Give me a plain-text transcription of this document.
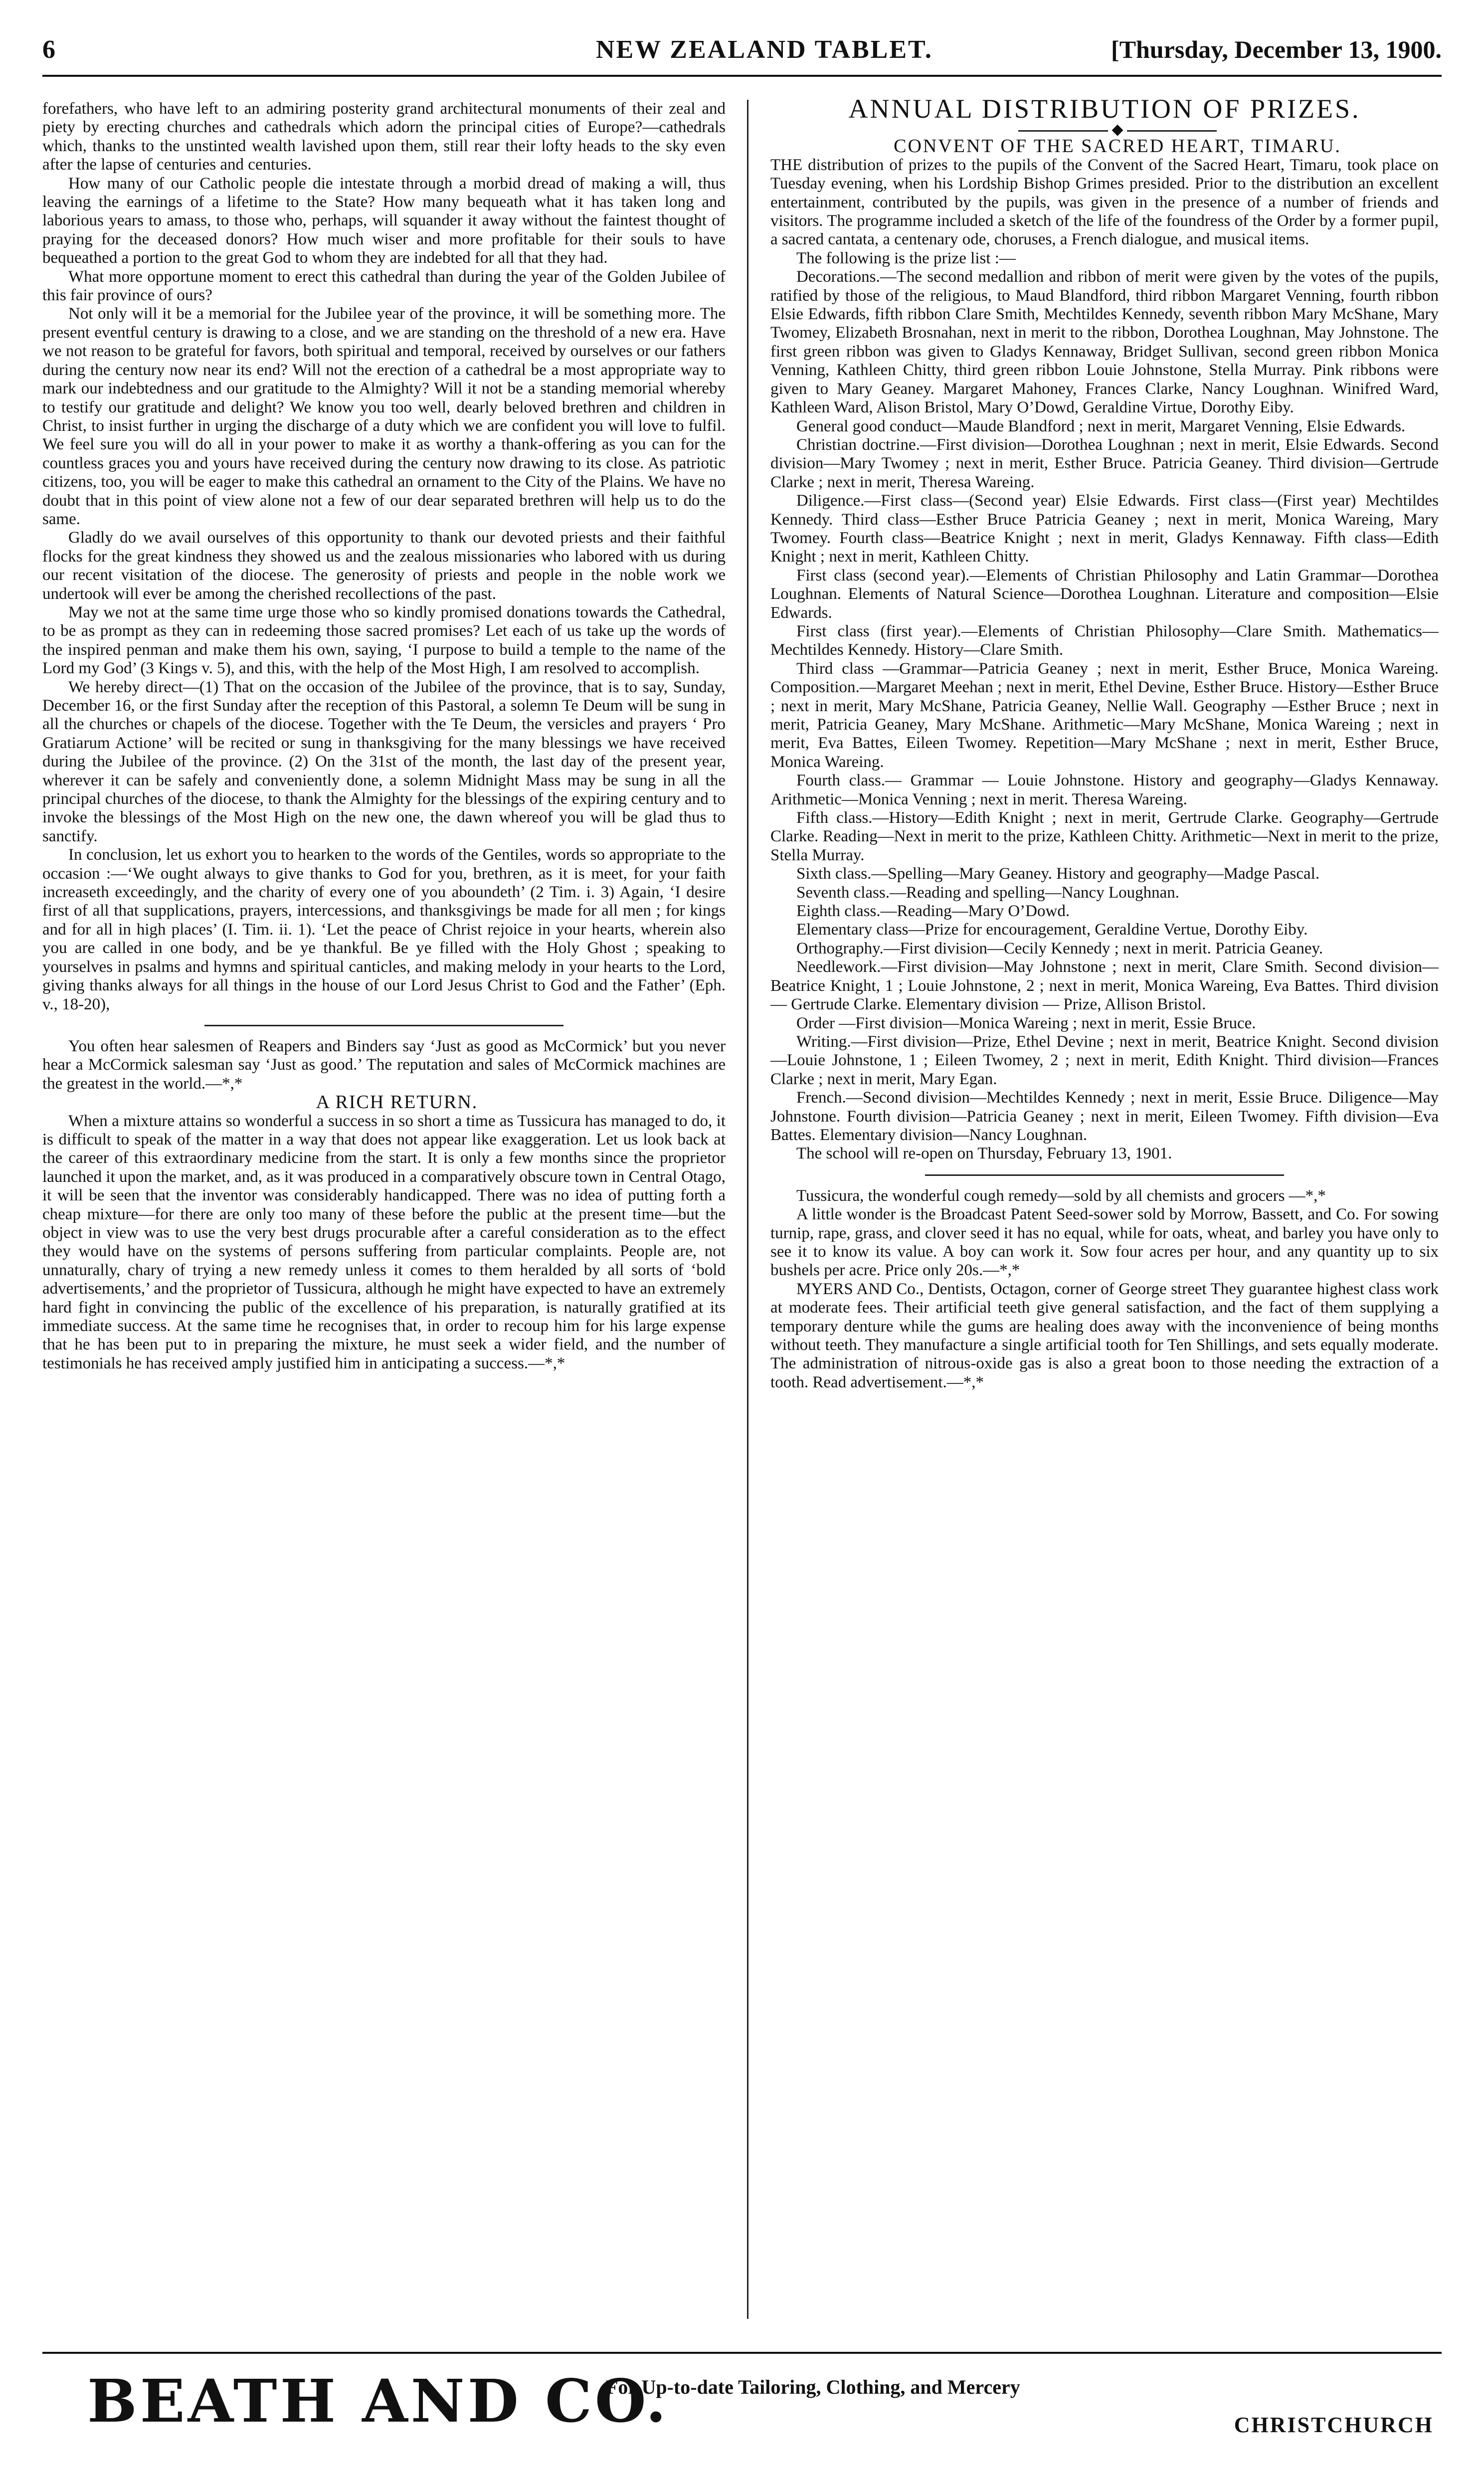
6	NEW ZEALAND TABLET.	[Thursday, December 13, 1900.

forefathers, who have left to an admiring posterity grand architectural monuments of their zeal and piety by erecting churches and cathedrals which adorn the principal cities of Europe?—cathedrals which, thanks to the unstinted wealth lavished upon them, still rear their lofty heads to the sky even after the lapse of centuries and centuries.

How many of our Catholic people die intestate through a morbid dread of making a will, thus leaving the earnings of a lifetime to the State? How many bequeath what it has taken long and laborious years to amass, to those who, perhaps, will squander it away without the faintest thought of praying for the deceased donors? How much wiser and more profitable for their souls to have bequeathed a portion to the great God to whom they are indebted for all that they had.

What more opportune moment to erect this cathedral than during the year of the Golden Jubilee of this fair province of ours?

Not only will it be a memorial for the Jubilee year of the province, it will be something more. The present eventful century is drawing to a close, and we are standing on the threshold of a new era. Have we not reason to be grateful for favors, both spiritual and temporal, received by ourselves or our fathers during the century now near its end? Will not the erection of a cathedral be a most appropriate way to mark our indebtedness and our gratitude to the Almighty? Will it not be a standing memorial whereby to testify our gratitude and delight? We know you too well, dearly beloved brethren and children in Christ, to insist further in urging the discharge of a duty which we are confident you will love to fulfil. We feel sure you will do all in your power to make it as worthy a thank-offering as you can for the countless graces you and yours have received during the century now drawing to its close. As patriotic citizens, too, you will be eager to make this cathedral an ornament to the City of the Plains. We have no doubt that in this point of view alone not a few of our dear separated brethren will help us to do the same.

Gladly do we avail ourselves of this opportunity to thank our devoted priests and their faithful flocks for the great kindness they showed us and the zealous missionaries who labored with us during our recent visitation of the diocese. The generosity of priests and people in the noble work we undertook will ever be among the cherished recollections of the past.

May we not at the same time urge those who so kindly promised donations towards the Cathedral, to be as prompt as they can in redeeming those sacred promises? Let each of us take up the words of the inspired penman and make them his own, saying, ‘I purpose to build a temple to the name of the Lord my God’ (3 Kings v. 5), and this, with the help of the Most High, I am resolved to accomplish.

We hereby direct—(1) That on the occasion of the Jubilee of the province, that is to say, Sunday, December 16, or the first Sunday after the reception of this Pastoral, a solemn Te Deum will be sung in all the churches or chapels of the diocese. Together with the Te Deum, the versicles and prayers ‘ Pro Gratiarum Actione’ will be recited or sung in thanksgiving for the many blessings we have received during the Jubilee of the province. (2) On the 31st of the month, the last day of the present year, wherever it can be safely and conveniently done, a solemn Midnight Mass may be sung in all the principal churches of the diocese, to thank the Almighty for the blessings of the expiring century and to invoke the blessings of the Most High on the new one, the dawn whereof you will be glad thus to sanctify.

In conclusion, let us exhort you to hearken to the words of the Gentiles, words so appropriate to the occasion :—‘We ought always to give thanks to God for you, brethren, as it is meet, for your faith increaseth exceedingly, and the charity of every one of you aboundeth’ (2 Tim. i. 3) Again, ‘I desire first of all that supplications, prayers, intercessions, and thanksgivings be made for all men ; for kings and for all in high places’ (I. Tim. ii. 1). ‘Let the peace of Christ rejoice in your hearts, wherein also you are called in one body, and be ye thankful. Be ye filled with the Holy Ghost ; speaking to yourselves in psalms and hymns and spiritual canticles, and making melody in your hearts to the Lord, giving thanks always for all things in the house of our Lord Jesus Christ to God and the Father’ (Eph. v., 18-20),

You often hear salesmen of Reapers and Binders say ‘Just as good as McCormick’ but you never hear a McCormick salesman say ‘Just as good.’ The reputation and sales of McCormick machines are the greatest in the world.—*,*

A RICH RETURN.

When a mixture attains so wonderful a success in so short a time as Tussicura has managed to do, it is difficult to speak of the matter in a way that does not appear like exaggeration. Let us look back at the career of this extraordinary medicine from the start. It is only a few months since the proprietor launched it upon the market, and, as it was produced in a comparatively obscure town in Central Otago, it will be seen that the inventor was considerably handicapped. There was no idea of putting forth a cheap mixture—for there are only too many of these before the public at the present time—but the object in view was to use the very best drugs procurable after a careful consideration as to the effect they would have on the systems of persons suffering from particular complaints. People are, not unnaturally, chary of trying a new remedy unless it comes to them heralded by all sorts of ‘bold advertisements,’ and the proprietor of Tussicura, although he might have expected to have an extremely hard fight in convincing the public of the excellence of his preparation, is naturally gratified at its immediate success. At the same time he recognises that, in order to recoup him for his large expense that he has been put to in preparing the mixture, he must seek a wider field, and the number of testimonials he has received amply justified him in anticipating a success.—*,*

ANNUAL DISTRIBUTION OF PRIZES.

◆

CONVENT OF THE SACRED HEART, TIMARU.

THE distribution of prizes to the pupils of the Convent of the Sacred Heart, Timaru, took place on Tuesday evening, when his Lordship Bishop Grimes presided. Prior to the distribution an excellent entertainment, contributed by the pupils, was given in the presence of a number of friends and visitors. The programme included a sketch of the life of the foundress of the Order by a former pupil, a sacred cantata, a centenary ode, choruses, a French dialogue, and musical items.

The following is the prize list :—

Decorations.—The second medallion and ribbon of merit were given by the votes of the pupils, ratified by those of the religious, to Maud Blandford, third ribbon Margaret Venning, fourth ribbon Elsie Edwards, fifth ribbon Clare Smith, Mechtildes Kennedy, seventh ribbon Mary McShane, Mary Twomey, Elizabeth Brosnahan, next in merit to the ribbon, Dorothea Loughnan, May Johnstone. The first green ribbon was given to Gladys Kennaway, Bridget Sullivan, second green ribbon Monica Venning, Kathleen Chitty, third green ribbon Louie Johnstone, Stella Murray. Pink ribbons were given to Mary Geaney. Margaret Mahoney, Frances Clarke, Nancy Loughnan. Winifred Ward, Kathleen Ward, Alison Bristol, Mary O’Dowd, Geraldine Virtue, Dorothy Eiby.

General good conduct—Maude Blandford ; next in merit, Margaret Venning, Elsie Edwards.

Christian doctrine.—First division—Dorothea Loughnan ; next in merit, Elsie Edwards. Second division—Mary Twomey ; next in merit, Esther Bruce. Patricia Geaney. Third division—Gertrude Clarke ; next in merit, Theresa Wareing.

Diligence.—First class—(Second year) Elsie Edwards. First class—(First year) Mechtildes Kennedy. Third class—Esther Bruce Patricia Geaney ; next in merit, Monica Wareing, Mary Twomey. Fourth class—Beatrice Knight ; next in merit, Gladys Kennaway. Fifth class—Edith Knight ; next in merit, Kathleen Chitty.

First class (second year).—Elements of Christian Philosophy and Latin Grammar—Dorothea Loughnan. Elements of Natural Science—Dorothea Loughnan. Literature and composition—Elsie Edwards.

First class (first year).—Elements of Christian Philosophy—Clare Smith. Mathematics—Mechtildes Kennedy. History—Clare Smith.

Third class —Grammar—Patricia Geaney ; next in merit, Esther Bruce, Monica Wareing. Composition.—Margaret Meehan ; next in merit, Ethel Devine, Esther Bruce. History—Esther Bruce ; next in merit, Mary McShane, Patricia Geaney, Nellie Wall. Geography —Esther Bruce ; next in merit, Patricia Geaney, Mary McShane. Arithmetic—Mary McShane, Monica Wareing ; next in merit, Eva Battes, Eileen Twomey. Repetition—Mary McShane ; next in merit, Esther Bruce, Monica Wareing.

Fourth class.— Grammar — Louie Johnstone. History and geography—Gladys Kennaway. Arithmetic—Monica Venning ; next in merit. Theresa Wareing.

Fifth class.—History—Edith Knight ; next in merit, Gertrude Clarke. Geography—Gertrude Clarke. Reading—Next in merit to the prize, Kathleen Chitty. Arithmetic—Next in merit to the prize, Stella Murray.

Sixth class.—Spelling—Mary Geaney. History and geography—Madge Pascal.

Seventh class.—Reading and spelling—Nancy Loughnan.

Eighth class.—Reading—Mary O’Dowd.

Elementary class—Prize for encouragement, Geraldine Vertue, Dorothy Eiby.

Orthography.—First division—Cecily Kennedy ; next in merit. Patricia Geaney.

Needlework.—First division—May Johnstone ; next in merit, Clare Smith. Second division—Beatrice Knight, 1 ; Louie Johnstone, 2 ; next in merit, Monica Wareing, Eva Battes. Third division — Gertrude Clarke. Elementary division — Prize, Allison Bristol.

Order —First division—Monica Wareing ; next in merit, Essie Bruce.

Writing.—First division—Prize, Ethel Devine ; next in merit, Beatrice Knight. Second division—Louie Johnstone, 1 ; Eileen Twomey, 2 ; next in merit, Edith Knight. Third division—Frances Clarke ; next in merit, Mary Egan.

French.—Second division—Mechtildes Kennedy ; next in merit, Essie Bruce. Diligence—May Johnstone. Fourth division—Patricia Geaney ; next in merit, Eileen Twomey. Fifth division—Eva Battes. Elementary division—Nancy Loughnan.

The school will re-open on Thursday, February 13, 1901.

Tussicura, the wonderful cough remedy—sold by all chemists and grocers —*,*

A little wonder is the Broadcast Patent Seed-sower sold by Morrow, Bassett, and Co. For sowing turnip, rape, grass, and clover seed it has no equal, while for oats, wheat, and barley you have only to see it to know its value. A boy can work it. Sow four acres per hour, and any quantity up to six bushels per acre. Price only 20s.—*,*

MYERS AND Co., Dentists, Octagon, corner of George street They guarantee highest class work at moderate fees. Their artificial teeth give general satisfaction, and the fact of them supplying a temporary denture while the gums are healing does away with the inconvenience of being months without teeth. They manufacture a single artificial tooth for Ten Shillings, and sets equally moderate. The administration of nitrous-oxide gas is also a great boon to those needing the extraction of a tooth. Read advertisement.—*,*

BEATH AND CO.
For Up-to-date Tailoring, Clothing, and Mercery
CHRISTCHURCH
